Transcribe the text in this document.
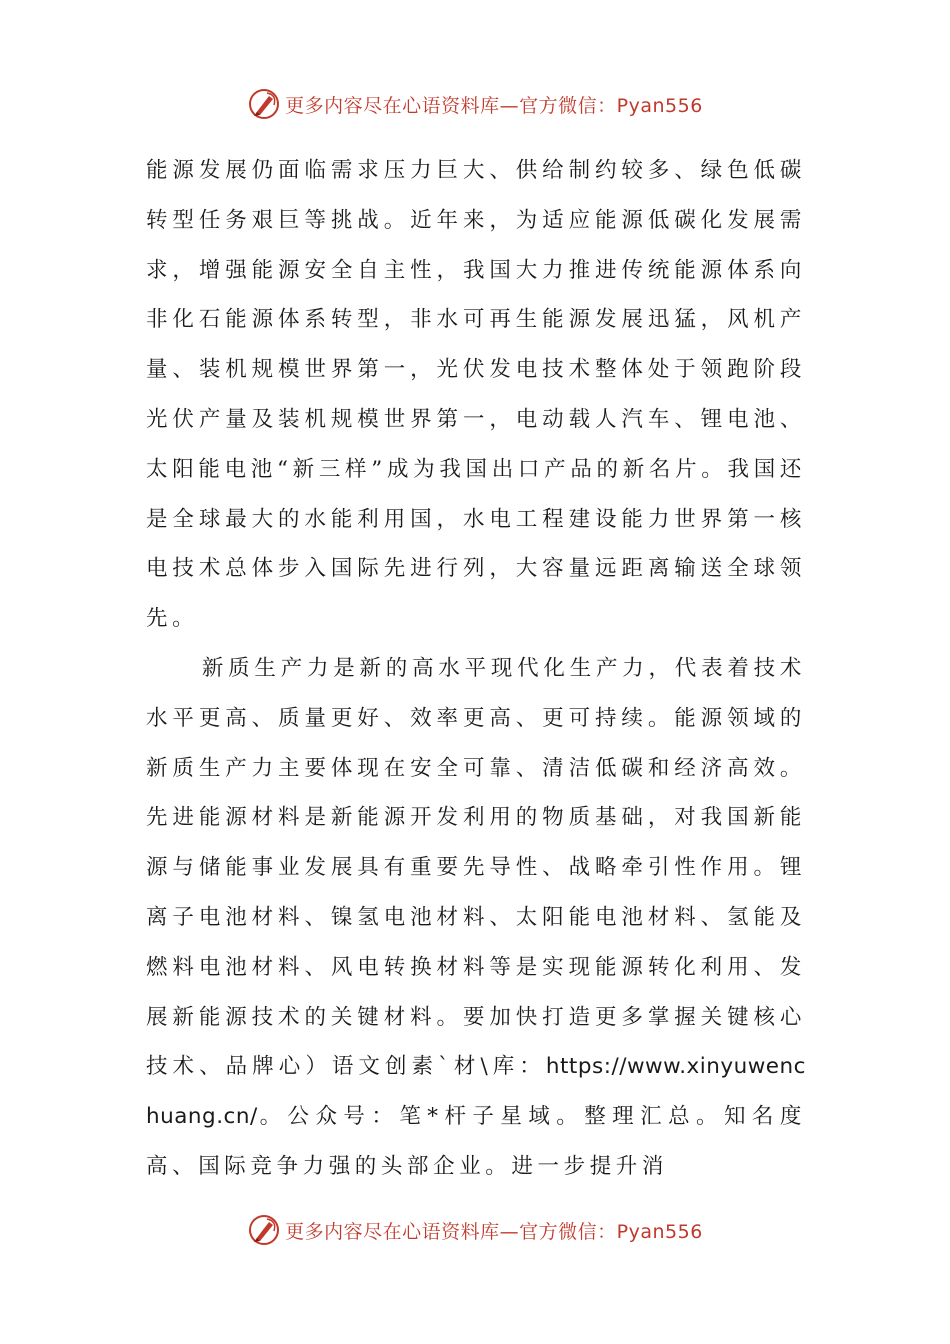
更多内容尽在心语资料库—官方微信：Pyan556

能源发展仍面临需求压力巨大、供给制约较多、绿色低碳转型任务艰巨等挑战。近年来，为适应能源低碳化发展需求，增强能源安全自主性，我国大力推进传统能源体系向非化石能源体系转型，非水可再生能源发展迅猛，风机产量、装机规模世界第一，光伏发电技术整体处于领跑阶段光伏产量及装机规模世界第一，电动载人汽车、锂电池、太阳能电池“新三样”成为我国出口产品的新名片。我国还是全球最大的水能利用国，水电工程建设能力世界第一核电技术总体步入国际先进行列，大容量远距离输送全球领先。

新质生产力是新的高水平现代化生产力，代表着技术水平更高、质量更好、效率更高、更可持续。能源领域的新质生产力主要体现在安全可靠、清洁低碳和经济高效。先进能源材料是新能源开发利用的物质基础，对我国新能源与储能事业发展具有重要先导性、战略牵引性作用。锂离子电池材料、镍氢电池材料、太阳能电池材料、氢能及燃料电池材料、风电转换材料等是实现能源转化利用、发展新能源技术的关键材料。要加快打造更多掌握关键核心技术、品牌心）语文创素`材\库：https://www.xinyuwenchuang.cn/。公众号：笔*杆子星域。整理汇总。知名度高、国际竞争力强的头部企业。进一步提升消

更多内容尽在心语资料库—官方微信：Pyan556
